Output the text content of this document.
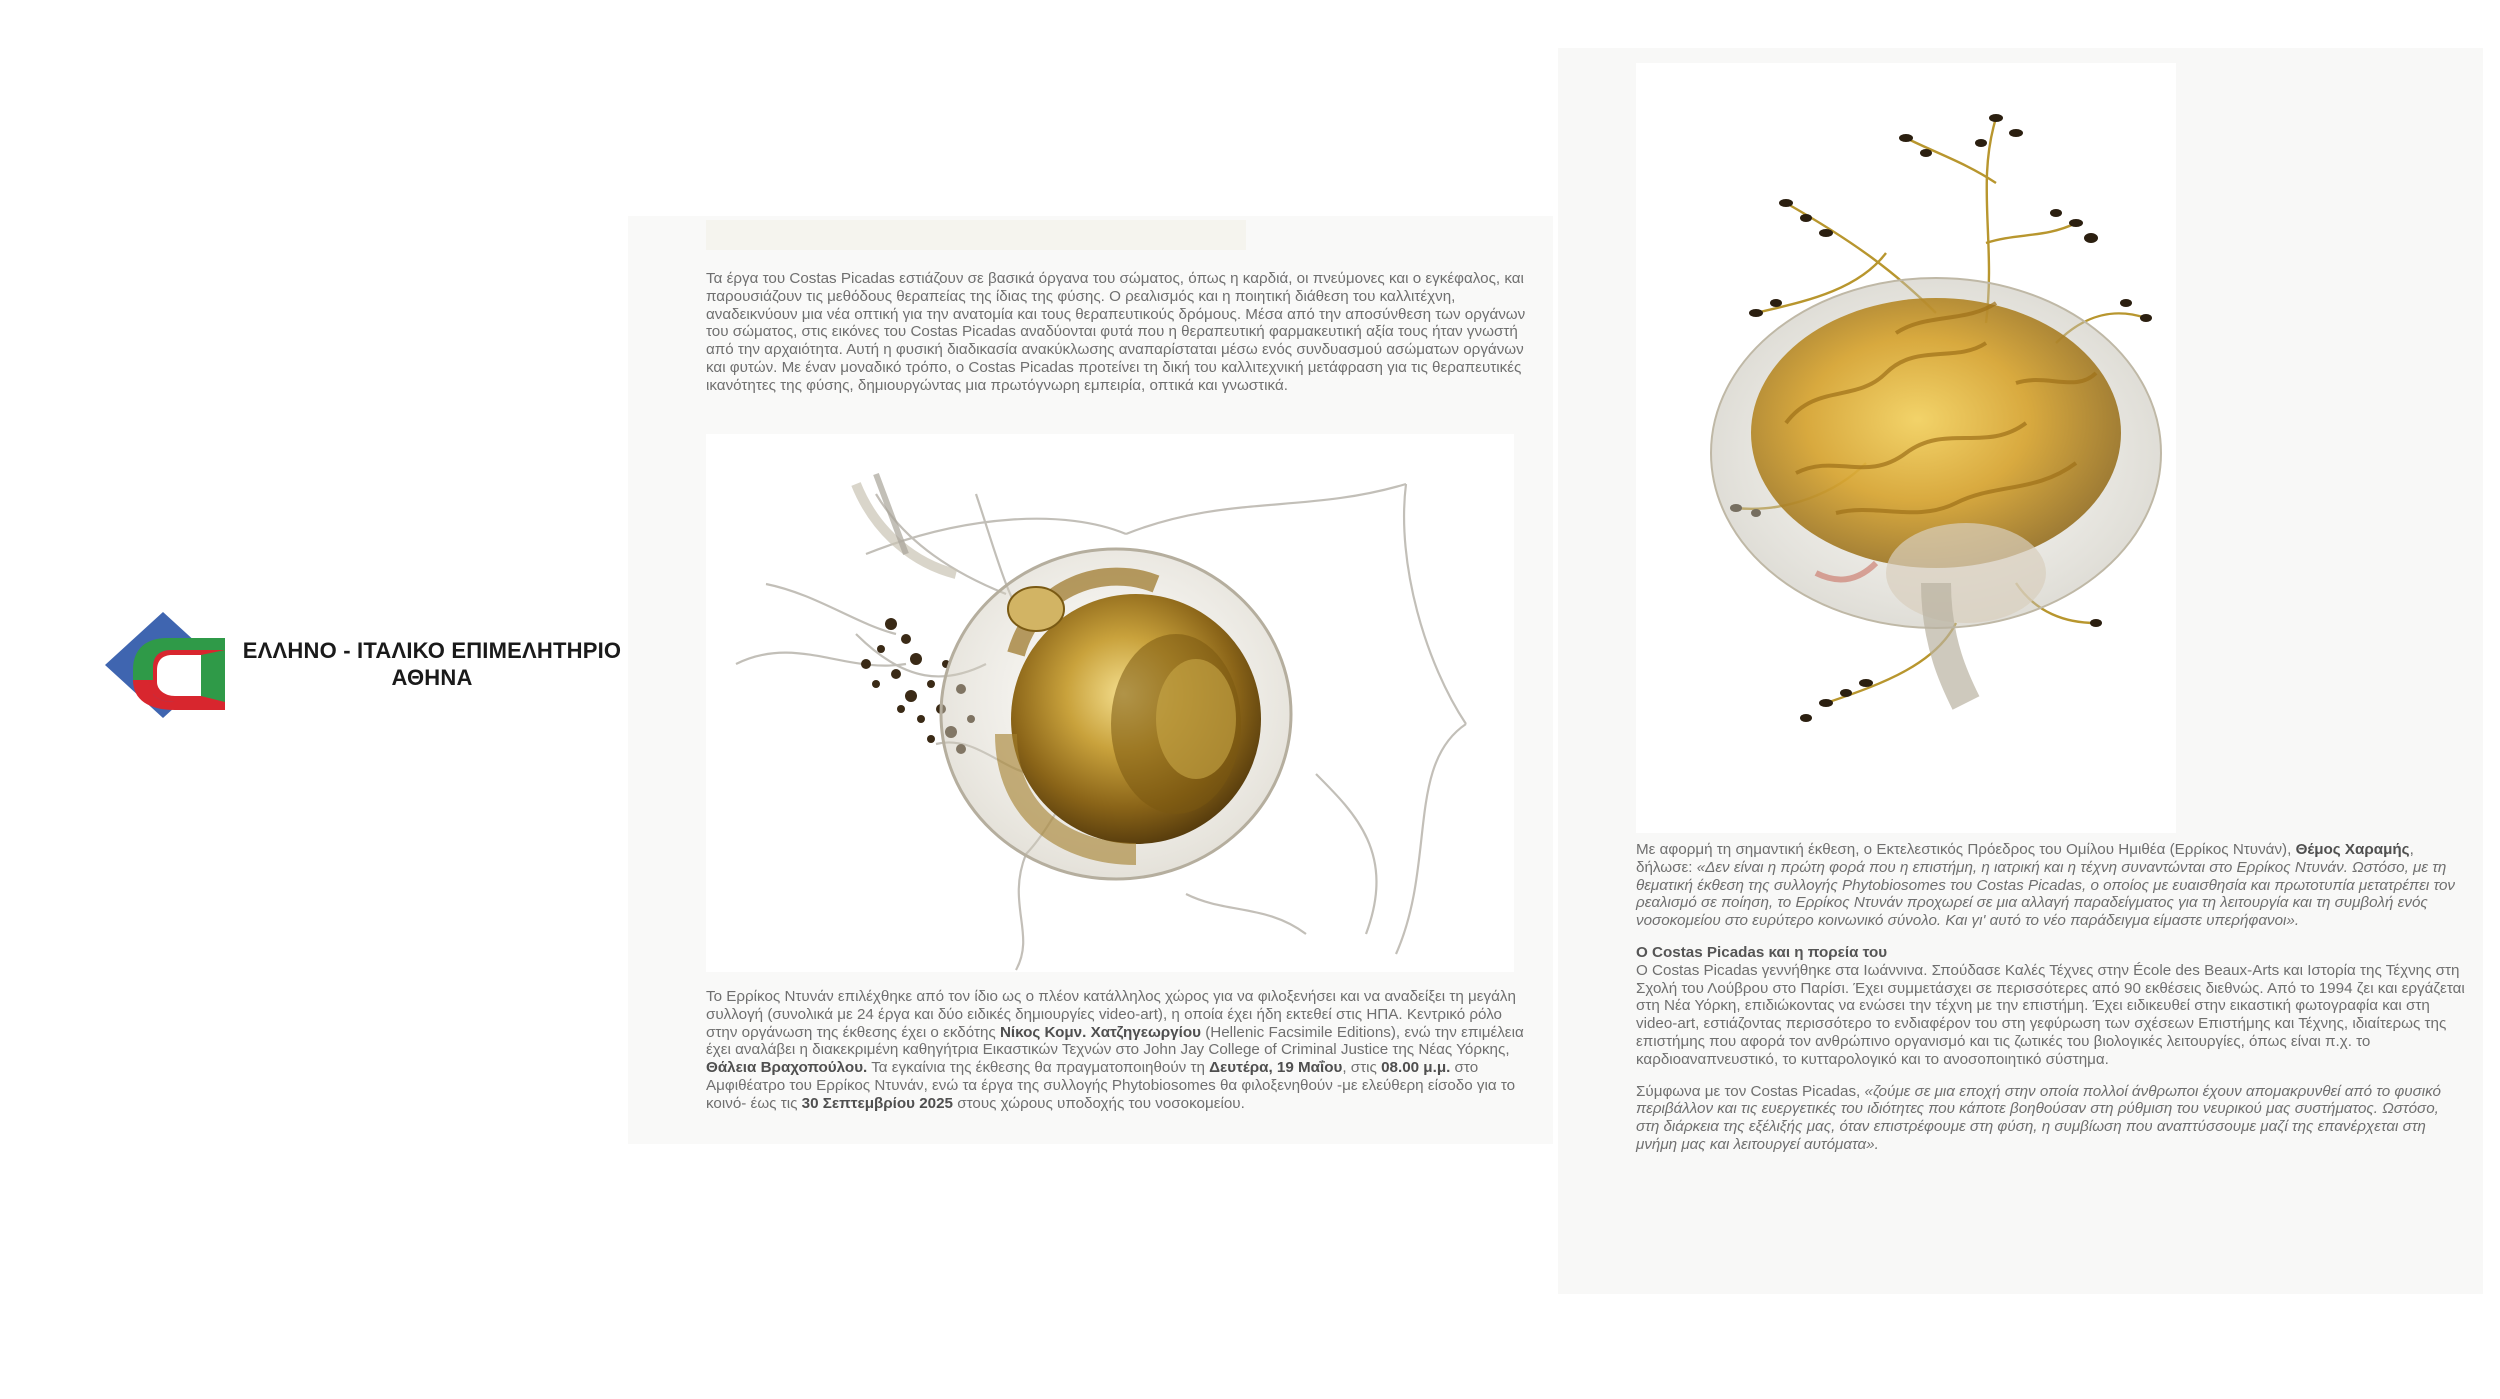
ΕΛΛΗΝΟ - ΙΤΑΛΙΚΟ ΕΠΙΜΕΛΗΤΗΡΙΟ
ΑΘΗΝΑ

Τα έργα του Costas Picadas εστιάζουν σε βασικά όργανα του σώματος, όπως η καρδιά, οι πνεύμονες και ο εγκέφαλος, και παρουσιάζουν τις μεθόδους θεραπείας της ίδιας της φύσης. Ο ρεαλισμός και η ποιητική διάθεση του καλλιτέχνη, αναδεικνύουν μια νέα οπτική για την ανατομία και τους θεραπευτικούς δρόμους. Μέσα από την αποσύνθεση των οργάνων του σώματος, στις εικόνες του Costas Picadas αναδύονται φυτά που η θεραπευτική φαρμακευτική αξία τους ήταν γνωστή από την αρχαιότητα. Αυτή η φυσική διαδικασία ανακύκλωσης αναπαρίσταται μέσω ενός συνδυασμού ασώματων οργάνων και φυτών. Με έναν μοναδικό τρόπο, ο Costas Picadas προτείνει τη δική του καλλιτεχνική μετάφραση για τις θεραπευτικές ικανότητες της φύσης, δημιουργώντας μια πρωτόγνωρη εμπειρία, οπτικά και γνωστικά.

Το Ερρίκος Ντυνάν επιλέχθηκε από τον ίδιο ως ο πλέον κατάλληλος χώρος για να φιλοξενήσει και να αναδείξει τη μεγάλη συλλογή (συνολικά με 24 έργα και δύο ειδικές δημιουργίες video-art), η οποία έχει ήδη εκτεθεί στις ΗΠΑ. Κεντρικό ρόλο στην οργάνωση της έκθεσης έχει ο εκδότης Νίκος Κομν. Χατζηγεωργίου (Hellenic Facsimile Editions), ενώ την επιμέλεια έχει αναλάβει η διακεκριμένη καθηγήτρια Εικαστικών Τεχνών στο John Jay College of Criminal Justice της Νέας Υόρκης, Θάλεια Βραχοπούλου. Τα εγκαίνια της έκθεσης θα πραγματοποιηθούν τη Δευτέρα, 19 Μαΐου, στις 08.00 μ.μ. στο Αμφιθέατρο του Ερρίκος Ντυνάν, ενώ τα έργα της συλλογής Phytobiosomes θα φιλοξενηθούν -με ελεύθερη είσοδο για το κοινό- έως τις 30 Σεπτεμβρίου 2025 στους χώρους υποδοχής του νοσοκομείου.

Με αφορμή τη σημαντική έκθεση, ο Εκτελεστικός Πρόεδρος του Ομίλου Ημιθέα (Ερρίκος Ντυνάν), Θέμος Χαραμής, δήλωσε: «Δεν είναι η πρώτη φορά που η επιστήμη, η ιατρική και η τέχνη συναντώνται στο Ερρίκος Ντυνάν. Ωστόσο, με τη θεματική έκθεση της συλλογής Phytobiosomes του Costas Picadas, ο οποίος με ευαισθησία και πρωτοτυπία μετατρέπει τον ρεαλισμό σε ποίηση, το Ερρίκος Ντυνάν προχωρεί σε μια αλλαγή παραδείγματος για τη λειτουργία και τη συμβολή ενός νοσοκομείου στο ευρύτερο κοινωνικό σύνολο. Και γι' αυτό το νέο παράδειγμα είμαστε υπερήφανοι».

Ο Costas Picadas και η πορεία του

Ο Costas Picadas γεννήθηκε στα Ιωάννινα. Σπούδασε Καλές Τέχνες στην École des Beaux-Arts και Ιστορία της Τέχνης στη Σχολή του Λούβρου στο Παρίσι. Έχει συμμετάσχει σε περισσότερες από 90 εκθέσεις διεθνώς. Από το 1994 ζει και εργάζεται στη Νέα Υόρκη, επιδιώκοντας να ενώσει την τέχνη με την επιστήμη. Έχει ειδικευθεί στην εικαστική φωτογραφία και στη video-art, εστιάζοντας περισσότερο το ενδιαφέρον του στη γεφύρωση των σχέσεων Επιστήμης και Τέχνης, ιδιαίτερως της επιστήμης που αφορά τον ανθρώπινο οργανισμό και τις ζωτικές του βιολογικές λειτουργίες, όπως είναι π.χ. το καρδιοαναπνευστικό, το κυτταρολογικό και το ανοσοποιητικό σύστημα.

Σύμφωνα με τον Costas Picadas, «ζούμε σε μια εποχή στην οποία πολλοί άνθρωποι έχουν απομακρυνθεί από το φυσικό περιβάλλον και τις ευεργετικές του ιδιότητες που κάποτε βοηθούσαν στη ρύθμιση του νευρικού μας συστήματος. Ωστόσο, στη διάρκεια της εξέλιξής μας, όταν επιστρέφουμε στη φύση, η συμβίωση που αναπτύσσουμε μαζί της επανέρχεται στη μνήμη μας και λειτουργεί αυτόματα».
